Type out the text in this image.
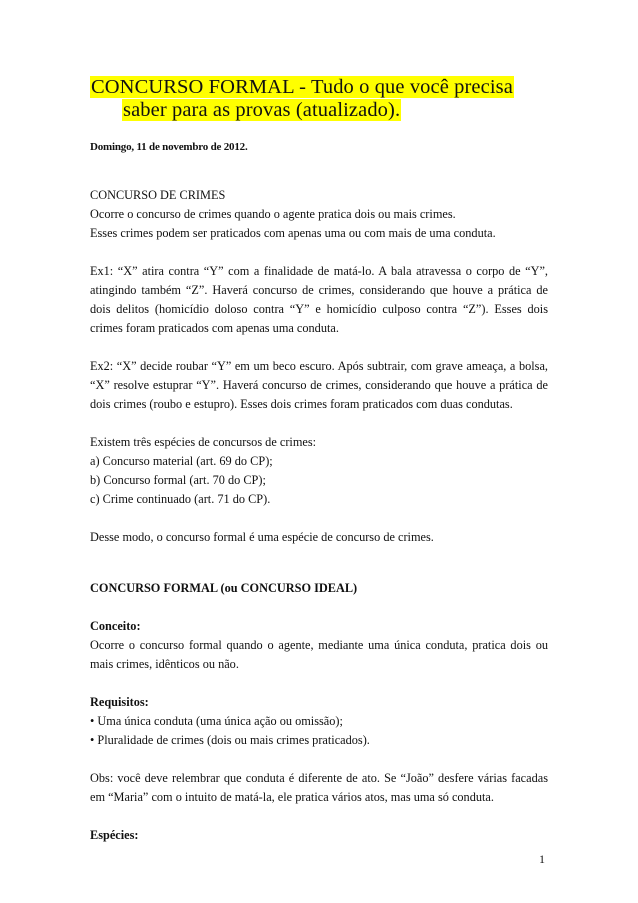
CONCURSO FORMAL - Tudo o que você precisa
saber para as provas (atualizado).
Domingo, 11 de novembro de 2012.

CONCURSO DE CRIMES

Ocorre o concurso de crimes quando o agente pratica dois ou mais crimes.

Esses crimes podem ser praticados com apenas uma ou com mais de uma conduta.

Ex1: “X” atira contra “Y” com a finalidade de matá-lo. A bala atravessa o corpo de “Y”, atingindo também “Z”. Haverá concurso de crimes, considerando que houve a prática de dois delitos (homicídio doloso contra “Y” e homicídio culposo contra “Z”). Esses dois crimes foram praticados com apenas uma conduta.

Ex2: “X” decide roubar “Y” em um beco escuro. Após subtrair, com grave ameaça, a bolsa, “X” resolve estuprar “Y”. Haverá concurso de crimes, considerando que houve a prática de dois crimes (roubo e estupro). Esses dois crimes foram praticados com duas condutas.

Existem três espécies de concursos de crimes:

a) Concurso material (art. 69 do CP);

b) Concurso formal (art. 70 do CP);

c) Crime continuado (art. 71 do CP).

Desse modo, o concurso formal é uma espécie de concurso de crimes.

CONCURSO FORMAL (ou CONCURSO IDEAL)

Conceito:

Ocorre o concurso formal quando o agente, mediante uma única conduta, pratica dois ou mais crimes, idênticos ou não.

Requisitos:

• Uma única conduta (uma única ação ou omissão);

• Pluralidade de crimes (dois ou mais crimes praticados).

Obs: você deve relembrar que conduta é diferente de ato. Se “João” desfere várias facadas em “Maria” com o intuito de matá-la, ele pratica vários atos, mas uma só conduta.

Espécies:

1
